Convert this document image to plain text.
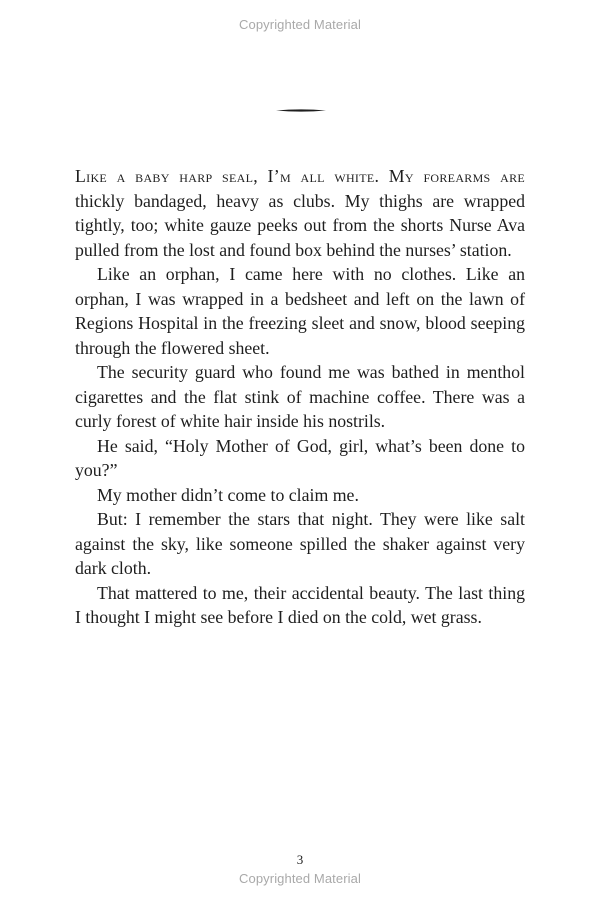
Copyrighted Material

Like a baby harp seal, I’m all white. My forearms are thickly bandaged, heavy as clubs. My thighs are wrapped tightly, too; white gauze peeks out from the shorts Nurse Ava pulled from the lost and found box behind the nurses’ station.

Like an orphan, I came here with no clothes. Like an orphan, I was wrapped in a bedsheet and left on the lawn of Regions Hospital in the freezing sleet and snow, blood seeping through the flowered sheet.

The security guard who found me was bathed in menthol cigarettes and the flat stink of machine coffee. There was a curly forest of white hair inside his nostrils.

He said, “Holy Mother of God, girl, what’s been done to you?”

My mother didn’t come to claim me.

But: I remember the stars that night. They were like salt against the sky, like someone spilled the shaker against very dark cloth.

That mattered to me, their accidental beauty. The last thing I thought I might see before I died on the cold, wet grass.

3

Copyrighted Material
